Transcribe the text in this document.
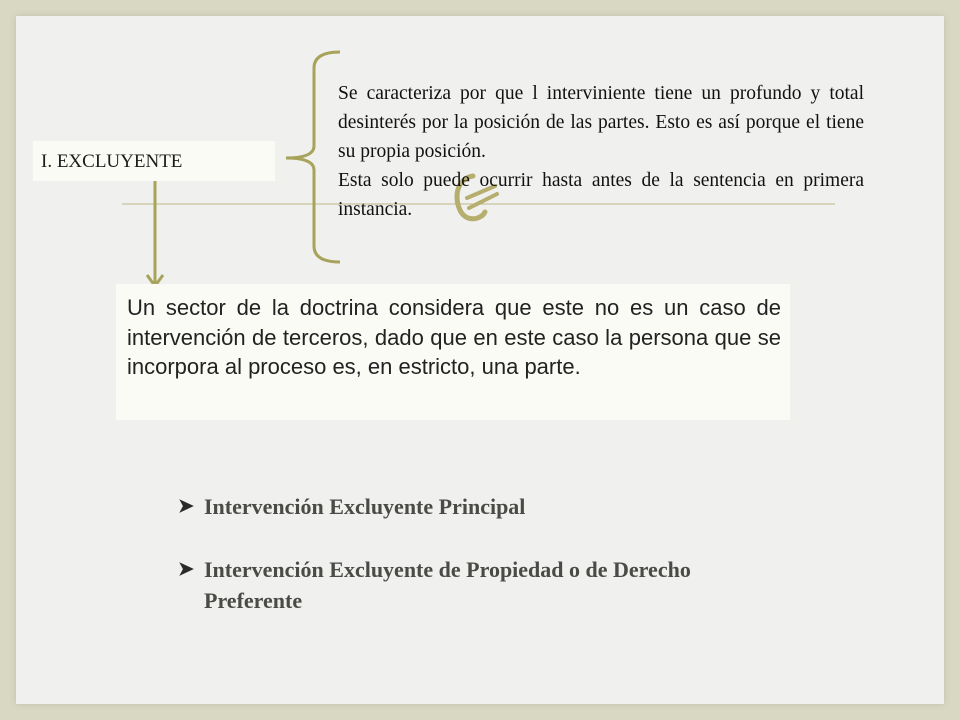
I. EXCLUYENTE

Se caracteriza por que l interviniente tiene un profundo y total desinterés por la posición de las partes. Esto es así porque el tiene su propia posición.

Esta solo puede ocurrir hasta antes de la sentencia en primera instancia.

Un sector de la doctrina considera que este no es un caso de intervención de terceros, dado que en este caso la persona que se incorpora al proceso es, en estricto, una parte.
➤ Intervención Excluyente Principal
➤ Intervención Excluyente de Propiedad o de Derecho Preferente
